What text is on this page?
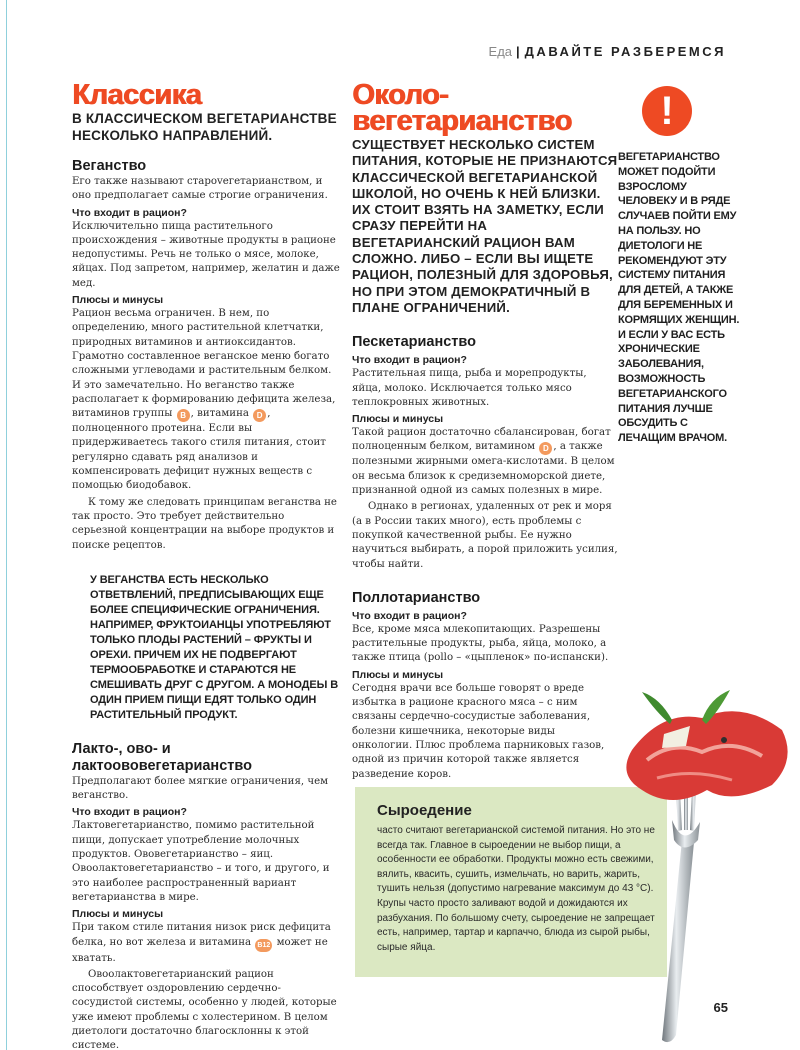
Еда | ДАВАЙТЕ РАЗБЕРЕМСЯ
Классика
В КЛАССИЧЕСКОМ ВЕГЕТАРИАНСТВЕ НЕСКОЛЬКО НАПРАВЛЕНИЙ.
Веганство
Его также называют староvегетарианством, и оно предполагает самые строгие ограничения.
Что входит в рацион?
Исключительно пища растительного происхождения – животные продукты в рационе недопустимы. Речь не только о мясе, молоке, яйцах. Под запретом, например, желатин и даже мед.
Плюсы и минусы
Рацион весьма ограничен. В нем, по определению, много растительной клетчатки, природных витаминов и антиоксидантов. Грамотно составленное веганское меню богато сложными углеводами и растительным белком. И это замечательно. Но веганство также располагает к формированию дефицита железа, витаминов группы B , витамина D , полноценного протеина. Если вы придерживаетесь такого стиля питания, стоит регулярно сдавать ряд анализов и компенсировать дефицит нужных веществ с помощью биодобавок.
К тому же следовать принципам веганства не так просто. Это требует действительно серьезной концентрации на выборе продуктов и поиске рецептов.
У ВЕГАНСТВА ЕСТЬ НЕСКОЛЬКО ОТВЕТВЛЕНИЙ, ПРЕДПИСЫВАЮЩИХ ЕЩЕ БОЛЕЕ СПЕЦИФИЧЕСКИЕ ОГРАНИЧЕНИЯ. НАПРИМЕР, ФРУКТОИАНЦЫ УПОТРЕБЛЯЮТ ТОЛЬКО ПЛОДЫ РАСТЕНИЙ – ФРУКТЫ И ОРЕХИ. ПРИЧЕМ ИХ НЕ ПОДВЕРГАЮТ ТЕРМООБРАБОТКЕ И СТАРАЮТСЯ НЕ СМЕШИВАТЬ ДРУГ С ДРУГОМ. А МОНОДЕЫ В ОДИН ПРИЕМ ПИЩИ ЕДЯТ ТОЛЬКО ОДИН РАСТИТЕЛЬНЫЙ ПРОДУКТ.
Лакто-, ово- и лактоововегетарианство
Предполагают более мягкие ограничения, чем веганство.
Что входит в рацион?
Лактовегетарианство, помимо растительной пищи, допускает употребление молочных продуктов. Ововегетарианство – яиц. Овоолактовегетарианство – и того, и другого, и это наиболее распространенный вариант вегетарианства в мире.
Плюсы и минусы
При таком стиле питания низок риск дефицита белка, но вот железа и витамина B12 может не хватать.
Овоолактовегетарианский рацион способствует оздоровлению сердечно-сосудистой системы, особенно у людей, которые уже имеют проблемы с холестерином. В целом диетологи достаточно благосклонны к этой системе.
Около-
вегетарианство
СУЩЕСТВУЕТ НЕСКОЛЬКО СИСТЕМ ПИТАНИЯ, КОТОРЫЕ НЕ ПРИЗНАЮТСЯ КЛАССИЧЕСКОЙ ВЕГЕТАРИАНСКОЙ ШКОЛОЙ, НО ОЧЕНЬ К НЕЙ БЛИЗКИ. ИХ СТОИТ ВЗЯТЬ НА ЗАМЕТКУ, ЕСЛИ СРАЗУ ПЕРЕЙТИ НА ВЕГЕТАРИАНСКИЙ РАЦИОН ВАМ СЛОЖНО. ЛИБО – ЕСЛИ ВЫ ИЩЕТЕ РАЦИОН, ПОЛЕЗНЫЙ ДЛЯ ЗДОРОВЬЯ, НО ПРИ ЭТОМ ДЕМОКРАТИЧНЫЙ В ПЛАНЕ ОГРАНИЧЕНИЙ.
Пескетарианство
Что входит в рацион?
Растительная пища, рыба и морепродукты, яйца, молоко. Исключается только мясо теплокровных животных.
Плюсы и минусы
Такой рацион достаточно сбалансирован, богат полноценным белком, витамином D , а также полезными жирными омега-кислотами. В целом он весьма близок к средиземноморской диете, признанной одной из самых полезных в мире.
Однако в регионах, удаленных от рек и моря (а в России таких много), есть проблемы с покупкой качественной рыбы. Ее нужно научиться выбирать, а порой приложить усилия, чтобы найти.
Поллотарианство
Что входит в рацион?
Все, кроме мяса млекопитающих. Разрешены растительные продукты, рыба, яйца, молоко, а также птица (pollo – «цыпленок» по-испански).
Плюсы и минусы
Сегодня врачи все больше говорят о вреде избытка в рационе красного мяса – с ним связаны сердечно-сосудистые заболевания, болезни кишечника, некоторые виды онкологии. Плюс проблема парниковых газов, одной из причин которой также является разведение коров.
!
ВЕГЕТАРИАНСТВО МОЖЕТ ПОДОЙТИ ВЗРОСЛОМУ ЧЕЛОВЕКУ И В РЯДЕ СЛУЧАЕВ ПОЙТИ ЕМУ НА ПОЛЬЗУ. НО ДИЕТОЛОГИ НЕ РЕКОМЕНДУЮТ ЭТУ СИСТЕМУ ПИТАНИЯ ДЛЯ ДЕТЕЙ, А ТАКЖЕ ДЛЯ БЕРЕМЕННЫХ И КОРМЯЩИХ ЖЕНЩИН. И ЕСЛИ У ВАС ЕСТЬ ХРОНИЧЕСКИЕ ЗАБОЛЕВАНИЯ, ВОЗМОЖНОСТЬ ВЕГЕТАРИАНСКОГО ПИТАНИЯ ЛУЧШЕ ОБСУДИТЬ С ЛЕЧАЩИМ ВРАЧОМ.
Сыроедение
часто считают вегетарианской системой питания. Но это не всегда так. Главное в сыроедении не выбор пищи, а особенности ее обработки. Продукты можно есть свежими, вялить, квасить, сушить, измельчать, но варить, жарить, тушить нельзя (допустимо нагревание максимум до 43 °С). Крупы часто просто заливают водой и дожидаются их разбухания. По большому счету, сыроедение не запрещает есть, например, тартар и карпаччо, блюда из сырой рыбы, сырые яйца.
65
